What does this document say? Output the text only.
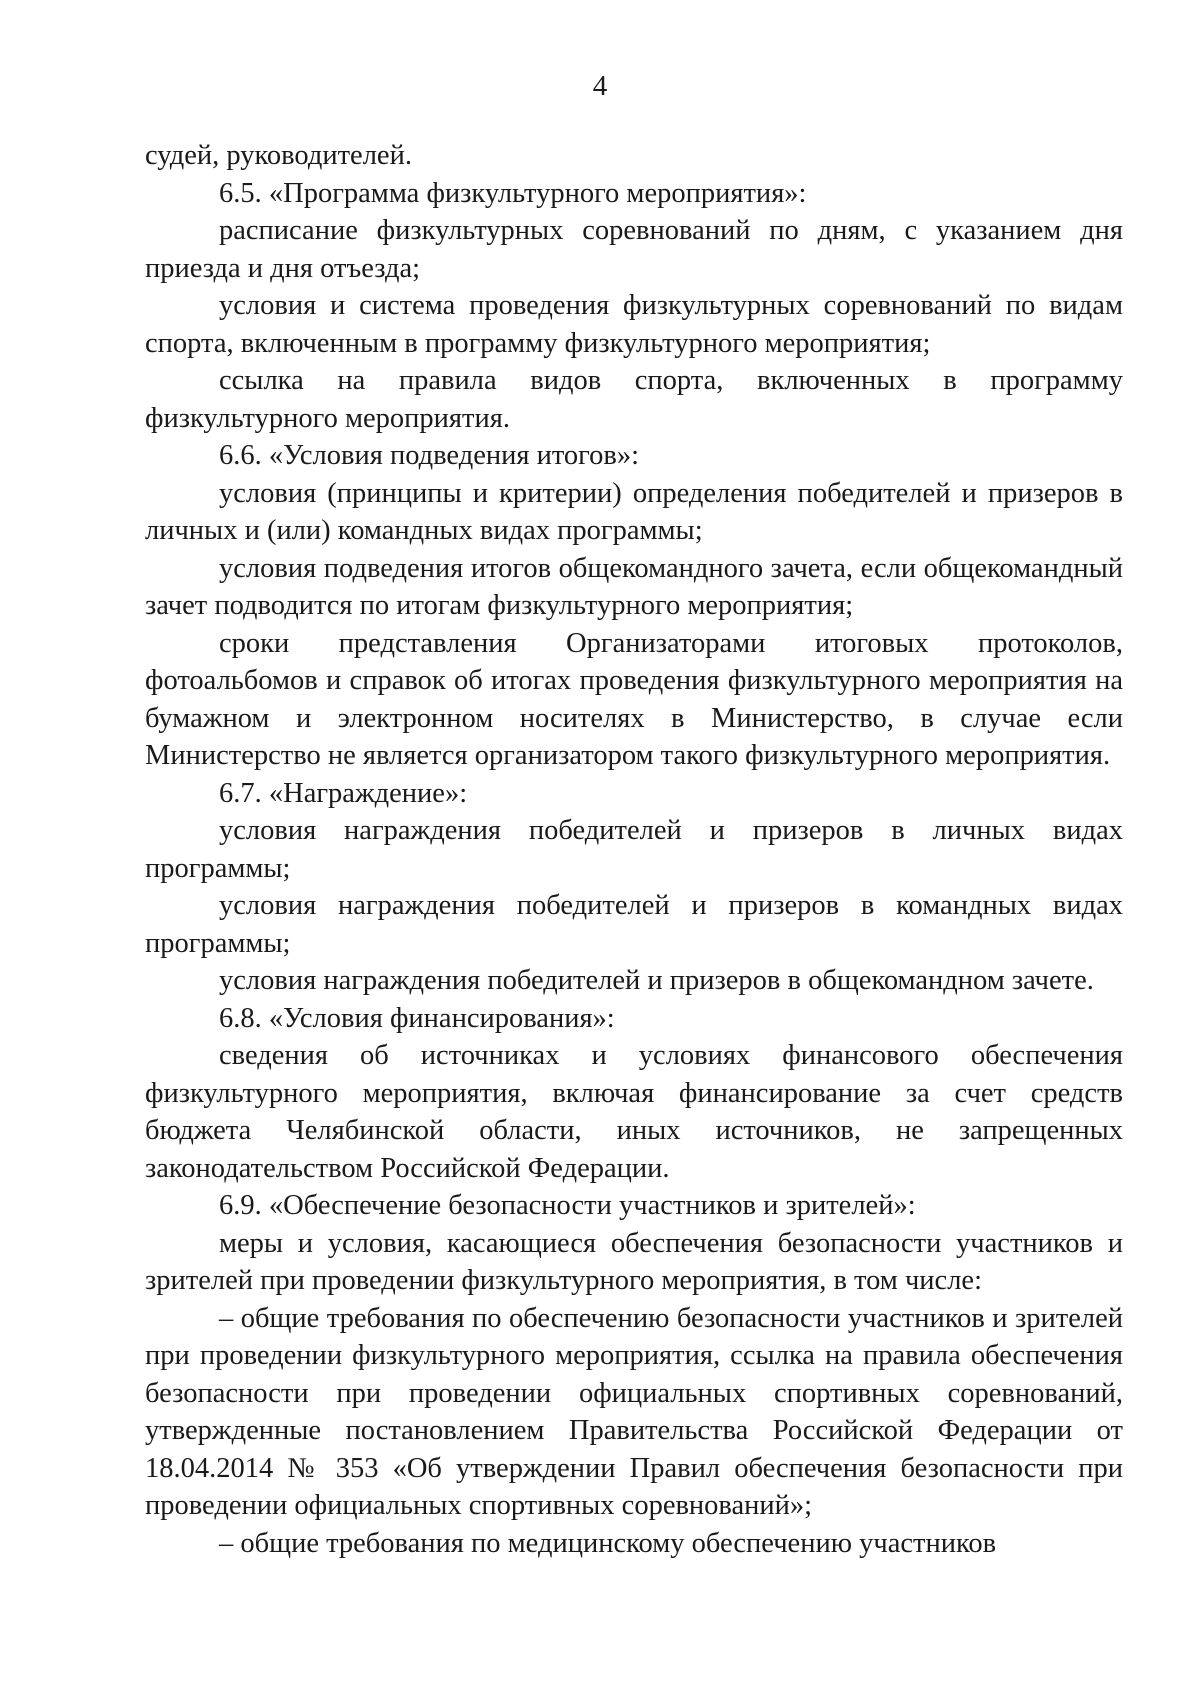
4

судей, руководителей.

6.5. «Программа физкультурного мероприятия»:

расписание физкультурных соревнований по дням, с указанием дня приезда и дня отъезда;

условия и система проведения физкультурных соревнований по видам спорта, включенным в программу физкультурного мероприятия;

ссылка на правила видов спорта, включенных в программу физкультурного мероприятия.

6.6. «Условия подведения итогов»:

условия (принципы и критерии) определения победителей и призеров в личных и (или) командных видах программы;

условия подведения итогов общекомандного зачета, если общекомандный зачет подводится по итогам физкультурного мероприятия;

сроки представления Организаторами итоговых протоколов, фотоальбомов и справок об итогах проведения физкультурного мероприятия на бумажном и электронном носителях в Министерство, в случае если Министерство не является организатором такого физкультурного мероприятия.

6.7. «Награждение»:

условия награждения победителей и призеров в личных видах программы;

условия награждения победителей и призеров в командных видах программы;

условия награждения победителей и призеров в общекомандном зачете.

6.8. «Условия финансирования»:

сведения об источниках и условиях финансового обеспечения физкультурного мероприятия, включая финансирование за счет средств бюджета Челябинской области, иных источников, не запрещенных законодательством Российской Федерации.

6.9. «Обеспечение безопасности участников и зрителей»:

меры и условия, касающиеся обеспечения безопасности участников и зрителей при проведении физкультурного мероприятия, в том числе:

– общие требования по обеспечению безопасности участников и зрителей при проведении физкультурного мероприятия, ссылка на правила обеспечения безопасности при проведении официальных спортивных соревнований, утвержденные постановлением Правительства Российской Федерации от 18.04.2014 № 353 «Об утверждении Правил обеспечения безопасности при проведении официальных спортивных соревнований»;

– общие требования по медицинскому обеспечению участников
